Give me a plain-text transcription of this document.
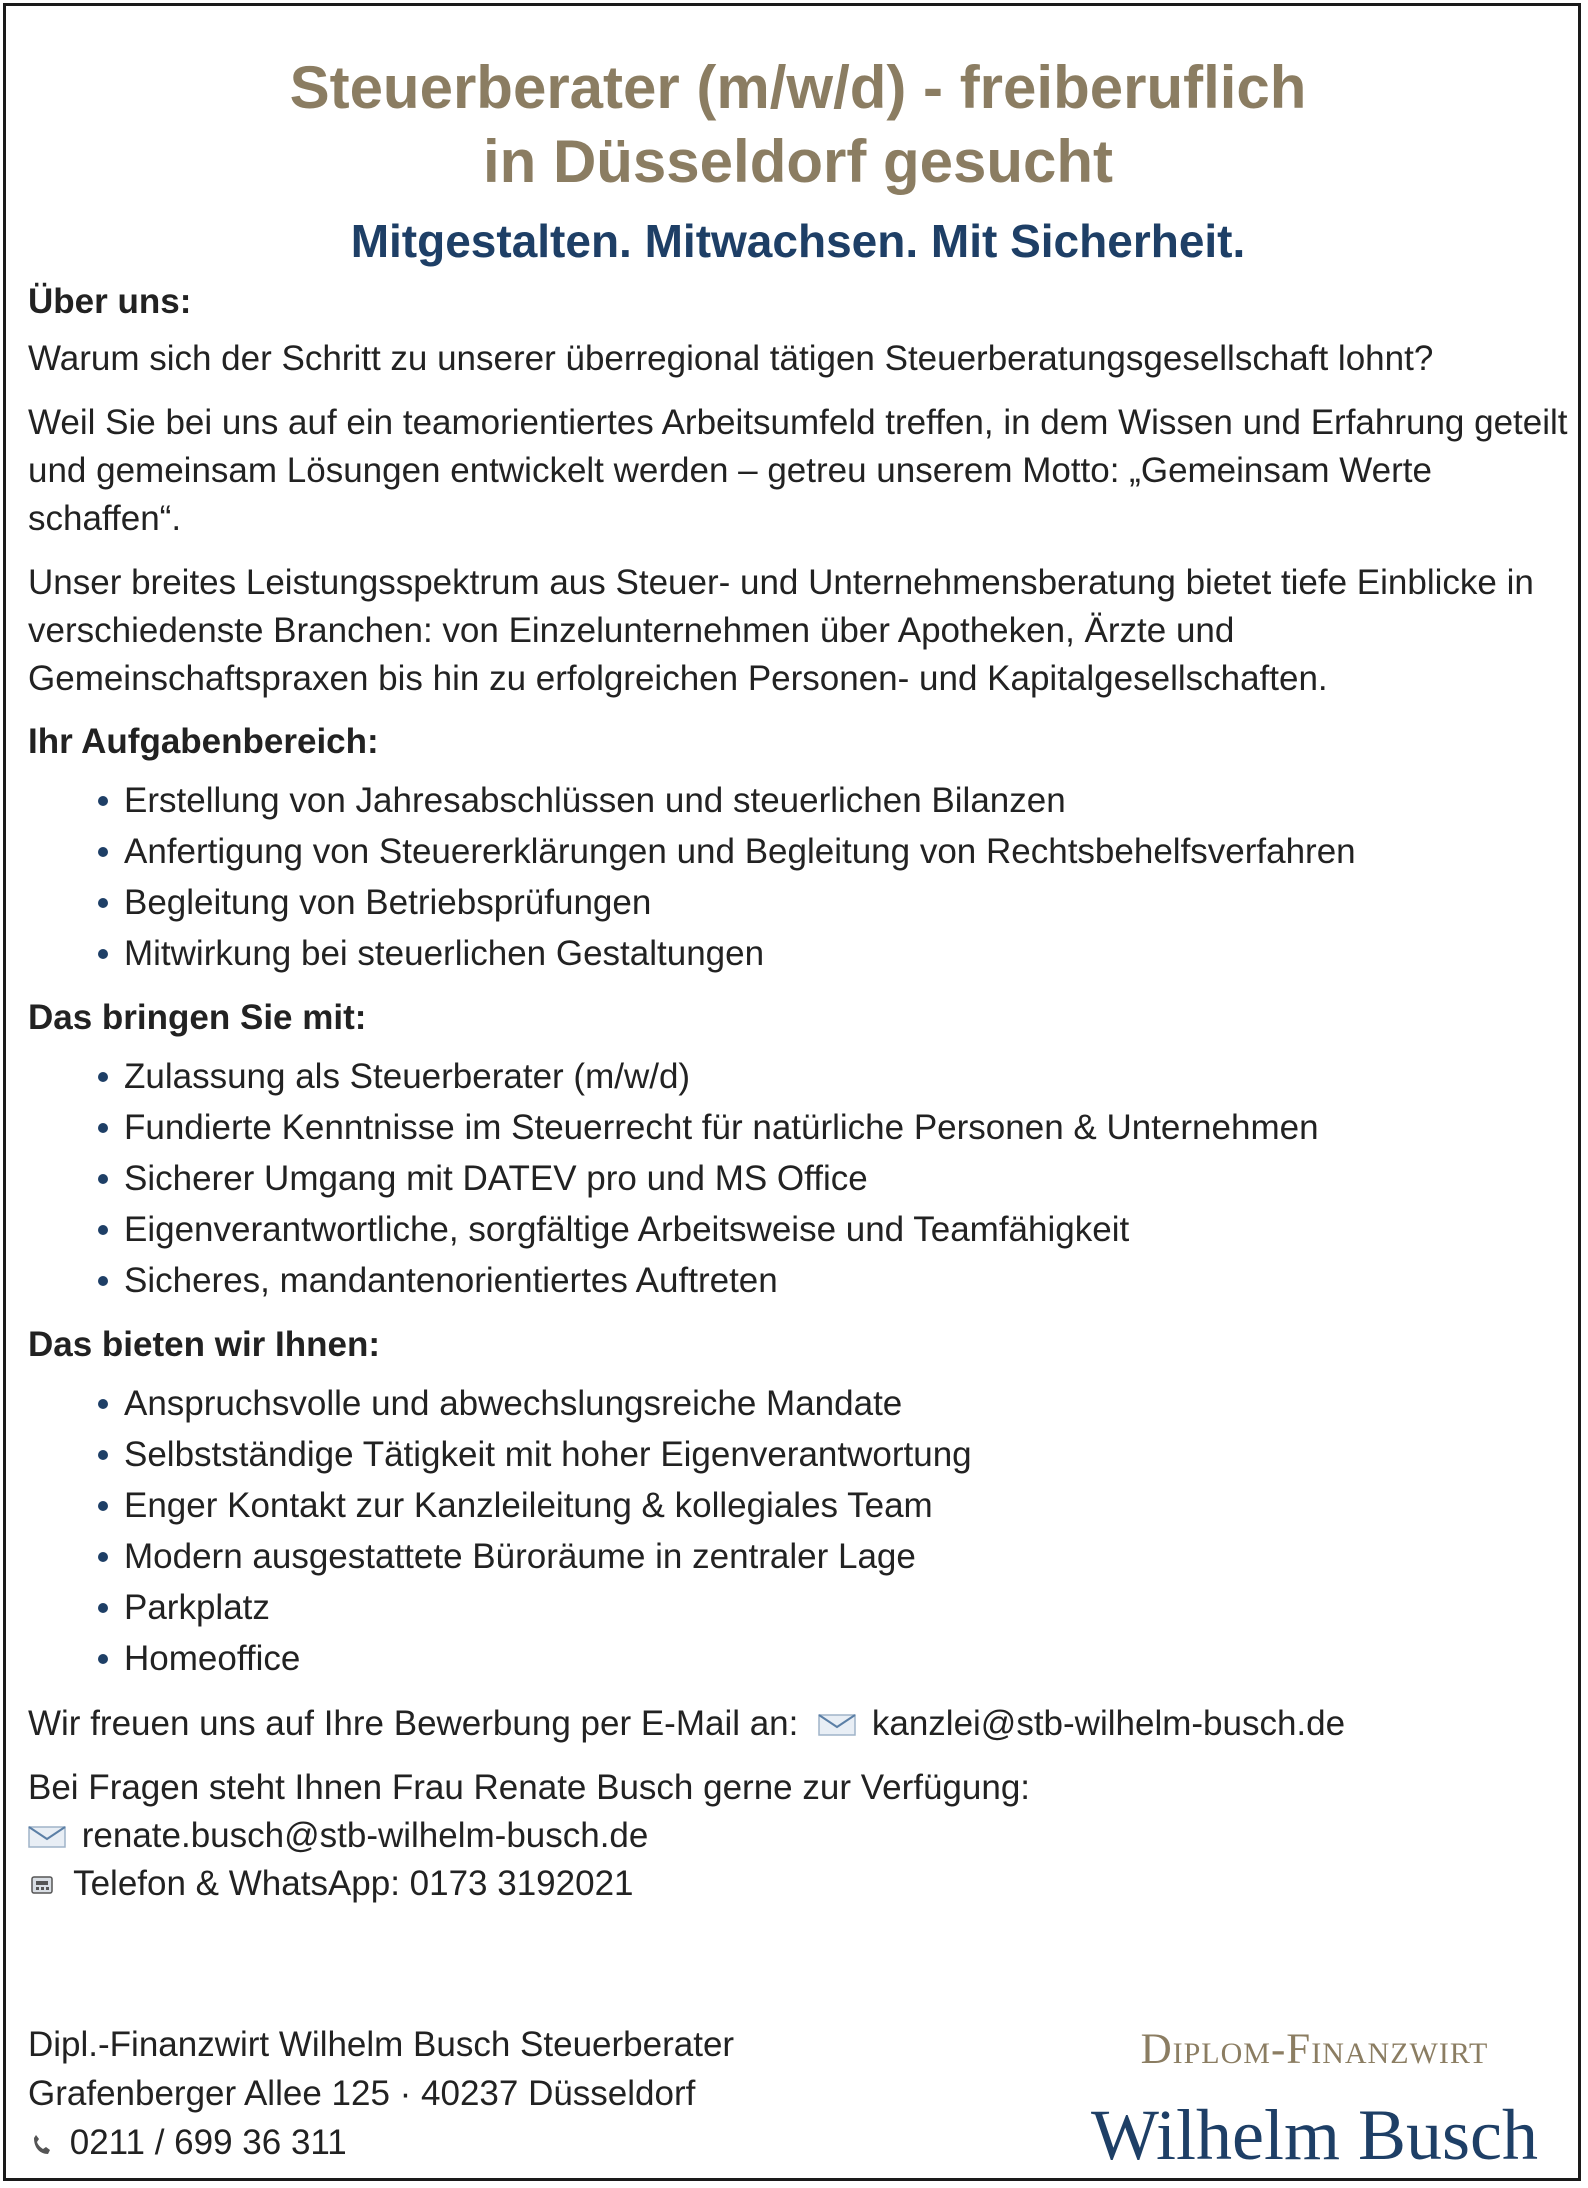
Steuerberater (m/w/d) - freiberuflich
in Düsseldorf gesucht
Mitgestalten. Mitwachsen. Mit Sicherheit.
Über uns:

Warum sich der Schritt zu unserer überregional tätigen Steuerberatungsgesellschaft lohnt?

Weil Sie bei uns auf ein teamorientiertes Arbeitsumfeld treffen, in dem Wissen und Erfahrung geteilt und gemeinsam Lösungen entwickelt werden – getreu unserem Motto: „Gemeinsam Werte schaffen“.

Unser breites Leistungsspektrum aus Steuer- und Unternehmensberatung bietet tiefe Einblicke in verschiedenste Branchen: von Einzelunternehmen über Apotheken, Ärzte und Gemeinschaftspraxen bis hin zu erfolgreichen Personen- und Kapitalgesellschaften.

Ihr Aufgabenbereich:
Erstellung von Jahresabschlüssen und steuerlichen Bilanzen
Anfertigung von Steuererklärungen und Begleitung von Rechtsbehelfsverfahren
Begleitung von Betriebsprüfungen
Mitwirkung bei steuerlichen Gestaltungen
Das bringen Sie mit:
Zulassung als Steuerberater (m/w/d)
Fundierte Kenntnisse im Steuerrecht für natürliche Personen & Unternehmen
Sicherer Umgang mit DATEV pro und MS Office
Eigenverantwortliche, sorgfältige Arbeitsweise und Teamfähigkeit
Sicheres, mandantenorientiertes Auftreten
Das bieten wir Ihnen:
Anspruchsvolle und abwechslungsreiche Mandate
Selbstständige Tätigkeit mit hoher Eigenverantwortung
Enger Kontakt zur Kanzleileitung & kollegiales Team
Modern ausgestattete Büroräume in zentraler Lage
Parkplatz
Homeoffice
Wir freuen uns auf Ihre Bewerbung per E-Mail an: kanzlei@stb-wilhelm-busch.de
Bei Fragen steht Ihnen Frau Renate Busch gerne zur Verfügung:
renate.busch@stb-wilhelm-busch.de
Telefon & WhatsApp: 0173 3192021
Dipl.-Finanzwirt Wilhelm Busch Steuerberater
Grafenberger Allee 125 · 40237 Düsseldorf
0211 / 699 36 311
Diplom-Finanzwirt
Wilhelm Busch
